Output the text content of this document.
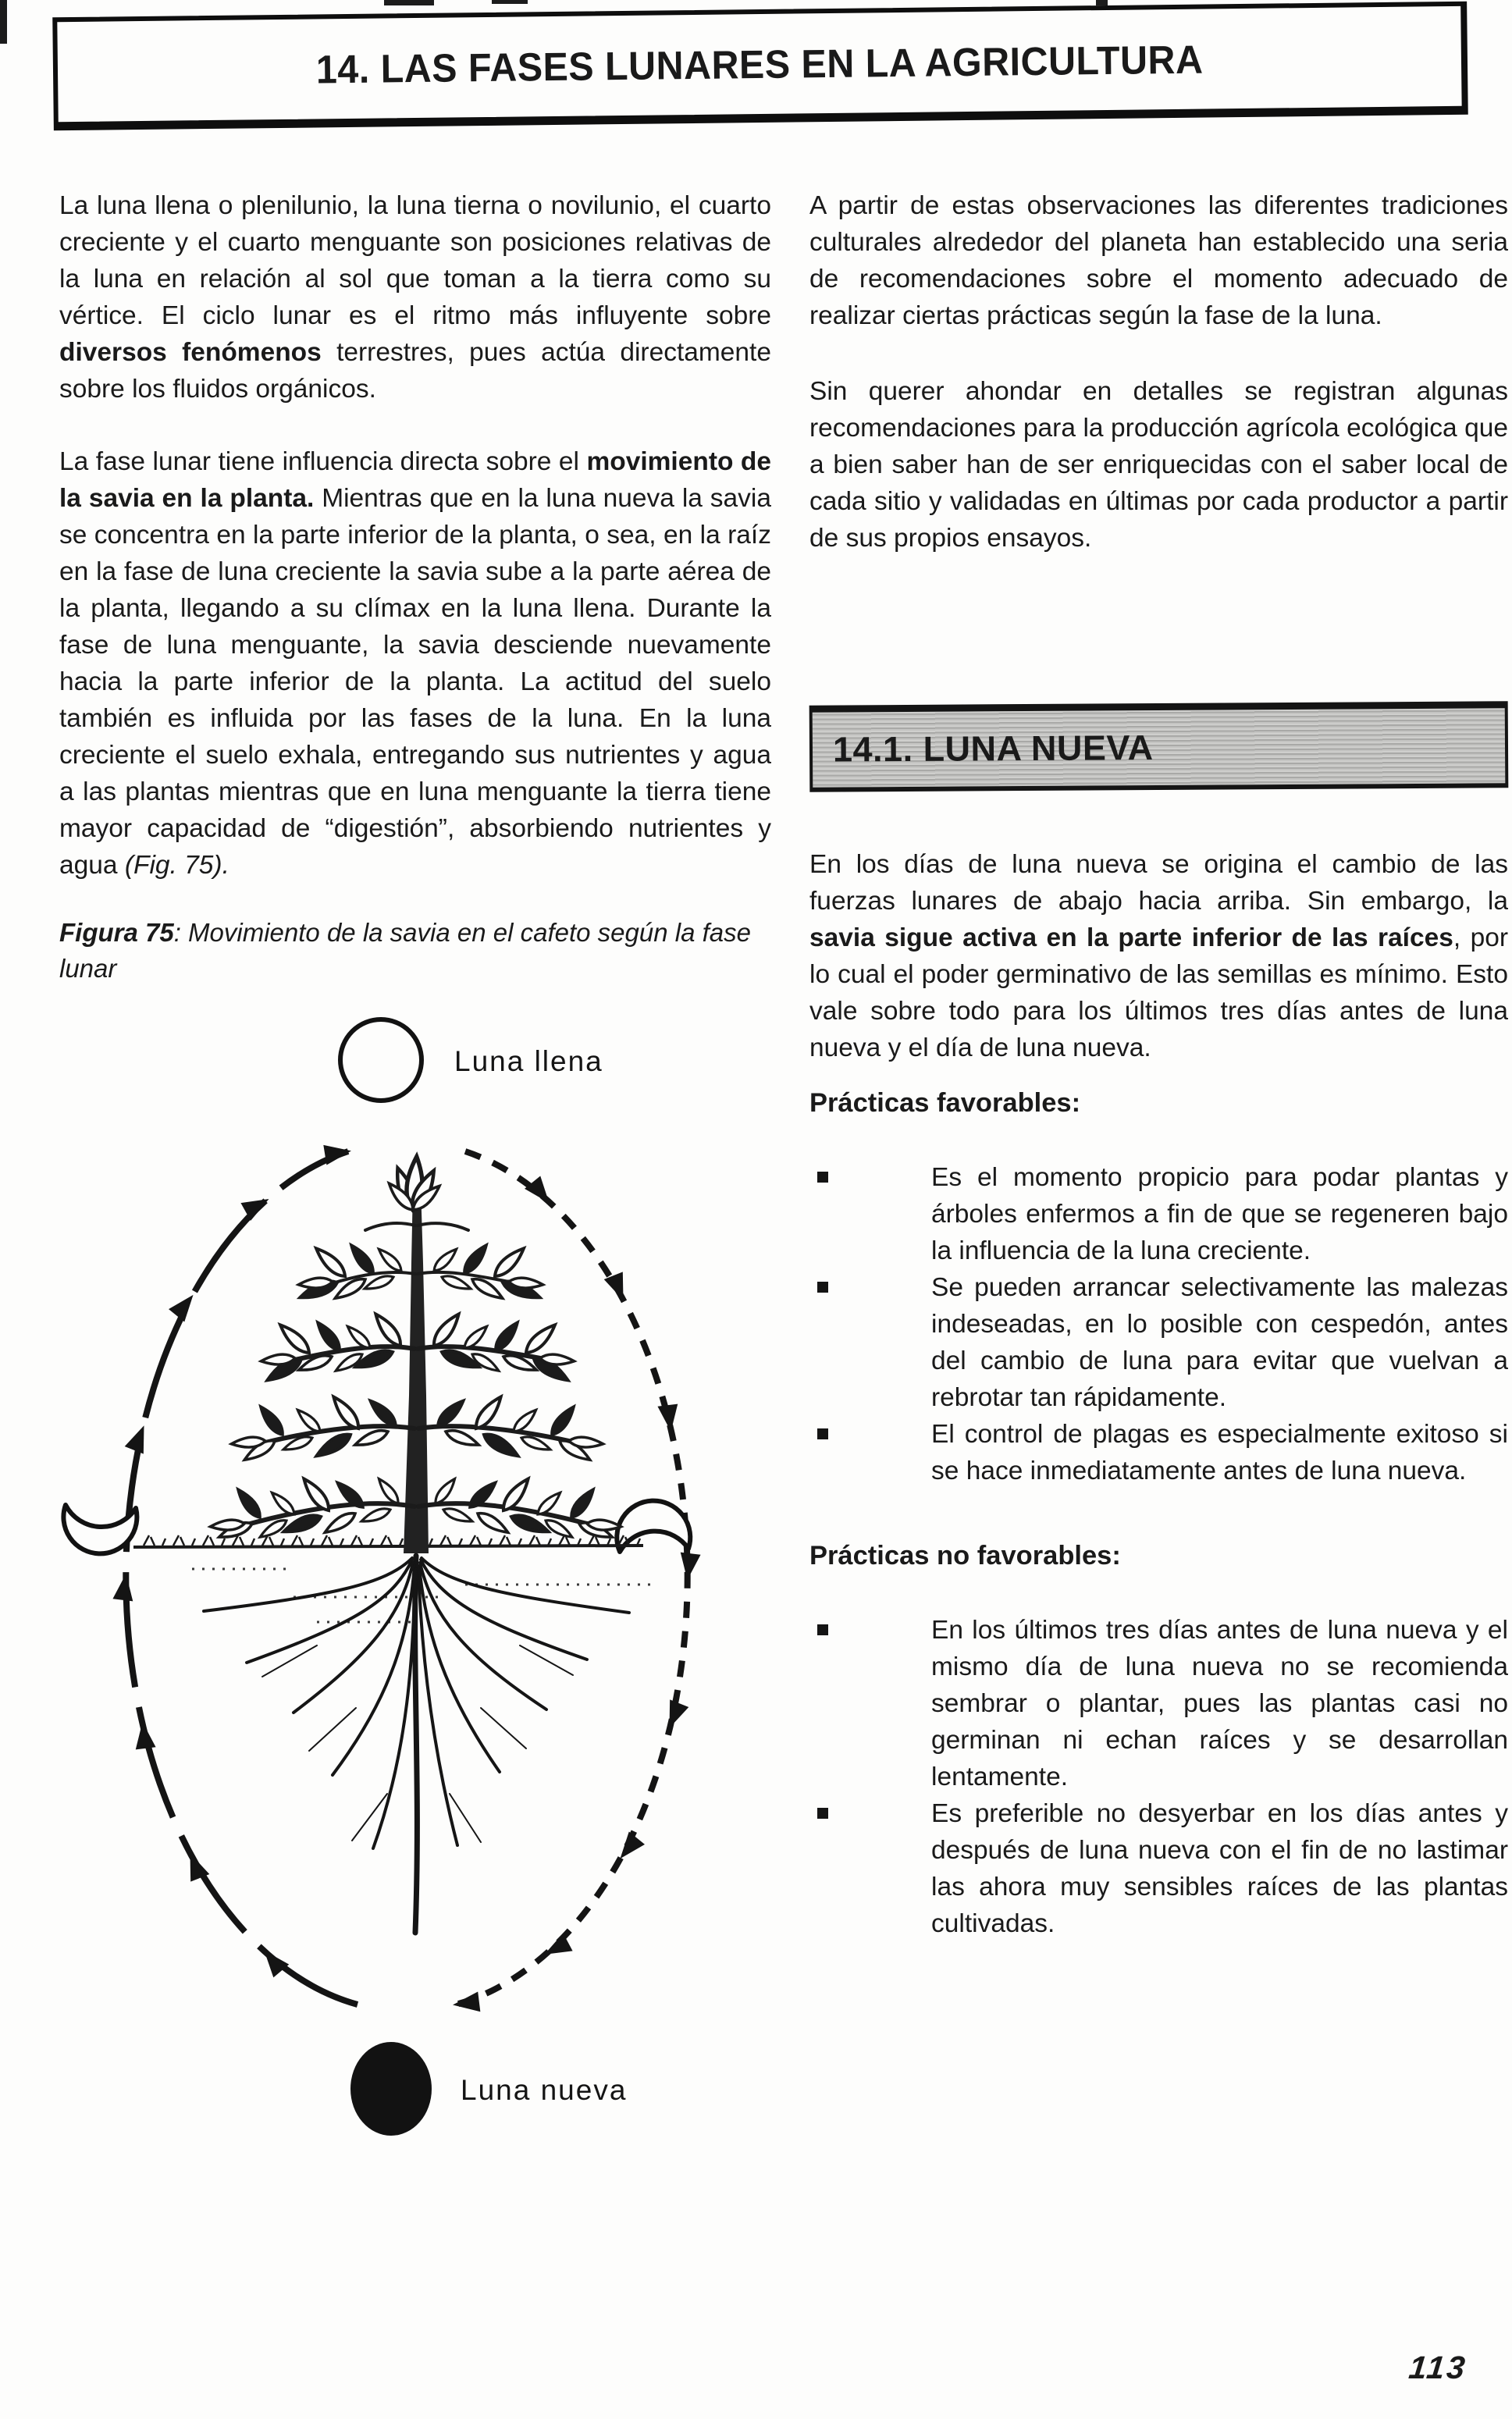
14. LAS FASES LUNARES EN LA AGRICULTURA

La luna llena o plenilunio, la luna tierna o novilunio, el cuarto creciente y el cuarto menguante son posiciones relativas de la luna en relación al sol que toman a la tierra como su vértice. El ciclo lunar es el ritmo más influyente sobre diversos fenómenos terrestres, pues actúa directamente sobre los fluidos orgánicos.

La fase lunar tiene influencia directa sobre el movimiento de la savia en la planta. Mientras que en la luna nueva la savia se concentra en la parte inferior de la planta, o sea, en la raíz en la fase de luna creciente la savia sube a la parte aérea de la planta, llegando a su clímax en la luna llena. Durante la fase de luna menguante, la savia desciende nuevamente hacia la parte inferior de la planta. La actitud del suelo también es influida por las fases de la luna. En la luna creciente el suelo exhala, entregando sus nutrientes y agua a las plantas mientras que en luna menguante la tierra tiene mayor capacidad de “digestión”, absorbiendo nutrientes y agua (Fig. 75).

Figura 75: Movimiento de la savia en el cafeto según la fase lunar

Luna llena
Luna nueva

A partir de estas observaciones las diferentes tradiciones culturales alrededor del planeta han establecido una seria de recomendaciones sobre el momento adecuado de realizar ciertas prácticas según la fase de la luna.

Sin querer ahondar en detalles se registran algunas recomendaciones para la producción agrícola ecológica que a bien saber han de ser enriquecidas con el saber local de cada sitio y validadas en últimas por cada productor a partir de sus propios ensayos.

14.1. LUNA NUEVA

En los días de luna nueva se origina el cambio de las fuerzas lunares de abajo hacia arriba. Sin embargo, la savia sigue activa en la parte inferior de las raíces, por lo cual el poder germinativo de las semillas es mínimo. Esto vale sobre todo para los últimos tres días antes de luna nueva y el día de luna nueva.

Prácticas favorables:
Es el momento propicio para podar plantas y árboles enfermos a fin de que se regeneren bajo la influencia de la luna creciente.
Se pueden arrancar selectivamente las malezas indeseadas, en lo posible con cespedón, antes del cambio de luna para evitar que vuelvan a rebrotar tan rápidamente.
El control de plagas es especialmente exitoso si se hace inmediatamente antes de luna nueva.
Prácticas no favorables:
En los últimos tres días antes de luna nueva y el mismo día de luna nueva no se recomienda sembrar o plantar, pues las plantas casi no germinan ni echan raíces y se desarrollan lentamente.
Es preferible no desyerbar en los días antes y después de luna nueva con el fin de no lastimar las ahora muy sensibles raíces de las plantas cultivadas.
113
